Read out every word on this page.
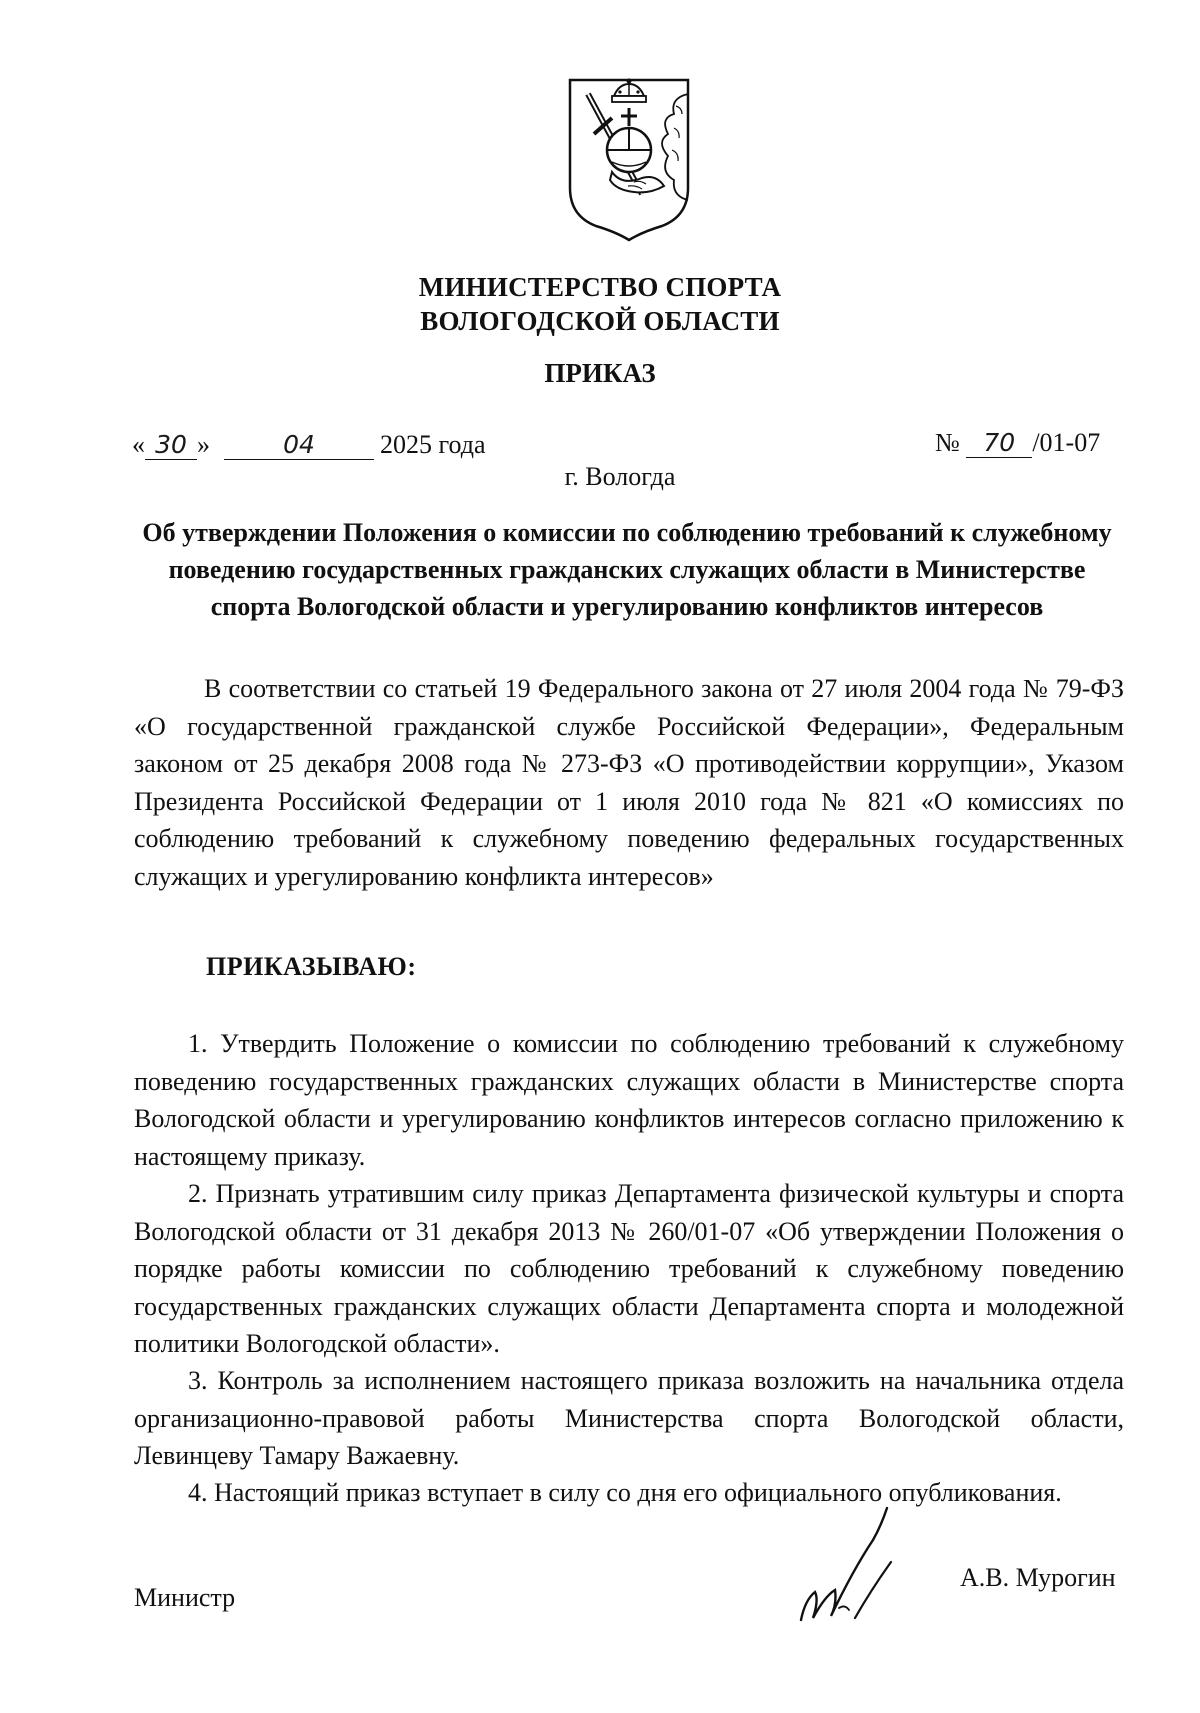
МИНИСТЕРСТВО СПОРТА
ВОЛОГОДСКОЙ ОБЛАСТИ
ПРИКАЗ
« 30 »	04	2025 года	№ 70 /01-07
г. Вологда
Об утверждении Положения о комиссии по соблюдению требований к служебному поведению государственных гражданских служащих области в Министерстве спорта Вологодской области и урегулированию конфликтов интересов
В соответствии со статьей 19 Федерального закона от 27 июля 2004 года № 79-ФЗ «О государственной гражданской службе Российской Федерации», Федеральным законом от 25 декабря 2008 года № 273-ФЗ «О противодействии коррупции», Указом Президента Российской Федерации от 1 июля 2010 года № 821 «О комиссиях по соблюдению требований к служебному поведению федеральных государственных служащих и урегулированию конфликта интересов»
ПРИКАЗЫВАЮ:
1. Утвердить Положение о комиссии по соблюдению требований к служебному поведению государственных гражданских служащих области в Министерстве спорта Вологодской области и урегулированию конфликтов интересов согласно приложению к настоящему приказу.
2. Признать утратившим силу приказ Департамента физической культуры и спорта Вологодской области от 31 декабря 2013 № 260/01-07 «Об утверждении Положения о порядке работы комиссии по соблюдению требований к служебному поведению государственных гражданских служащих области Департамента спорта и молодежной политики Вологодской области».
3. Контроль за исполнением настоящего приказа возложить на начальника отдела организационно-правовой работы Министерства спорта Вологодской области, Левинцеву Тамару Важаевну.
4. Настоящий приказ вступает в силу со дня его официального опубликования.
Министр
А.В. Мурогин
